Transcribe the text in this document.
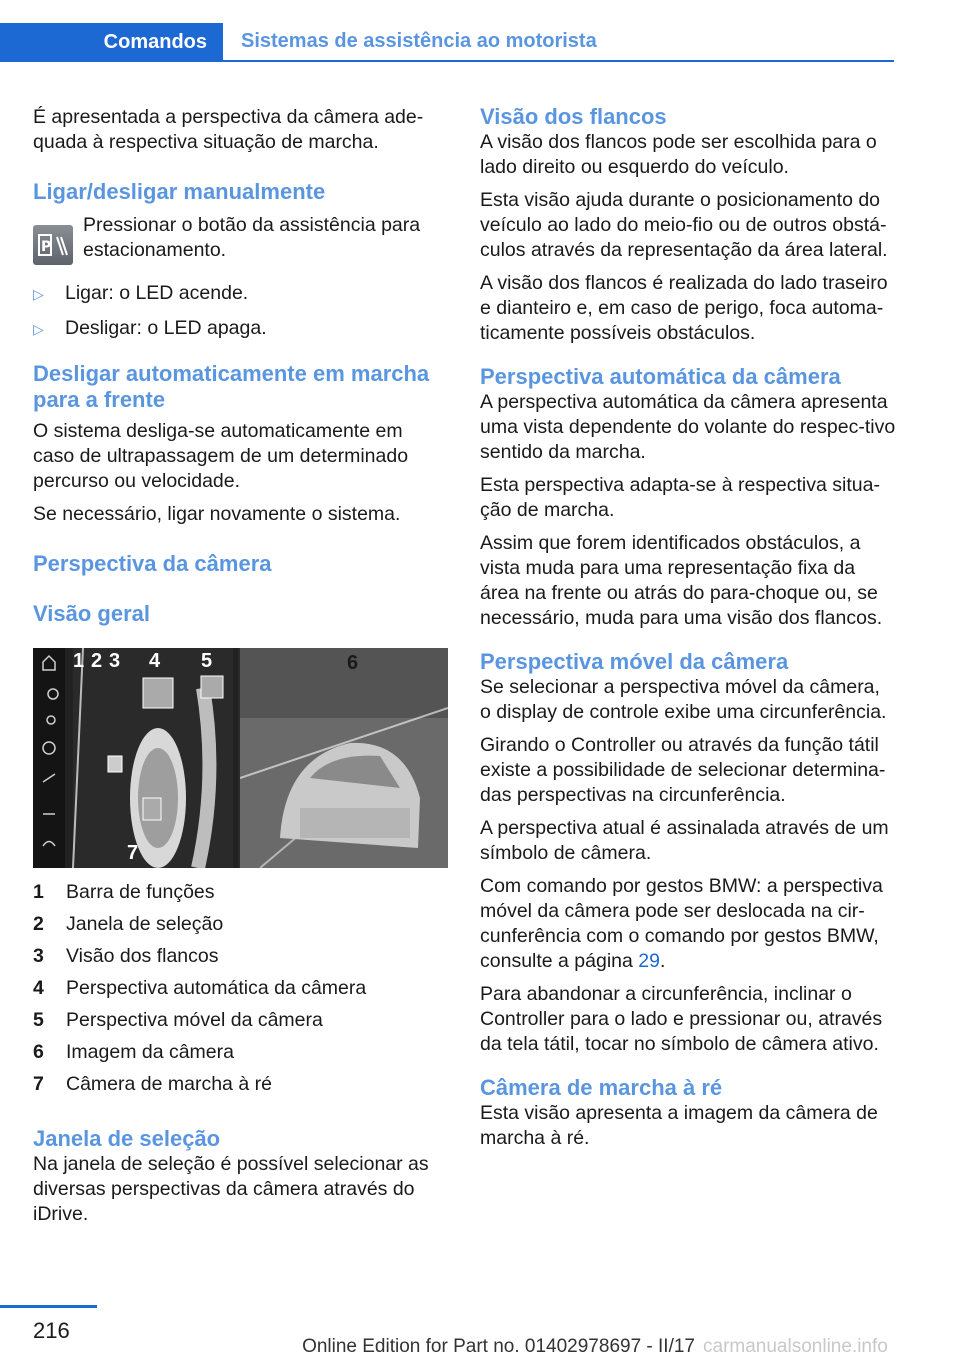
Comandos	Sistemas de assistência ao motorista

É apresentada a perspectiva da câmera ade-quada à respectiva situação de marcha.

Ligar/desligar manualmente

Pressionar o botão da assistência para estacionamento.

▷ Ligar: o LED acende.
▷ Desligar: o LED apaga.
Desligar automaticamente em marcha para a frente

O sistema desliga-se automaticamente em caso de ultrapassagem de um determinado percurso ou velocidade.

Se necessário, ligar novamente o sistema.

Perspectiva da câmera
Visão geral
P
1 2 3 4 5	6
7
1	Barra de funções
2	Janela de seleção
3	Visão dos flancos
4	Perspectiva automática da câmera
5	Perspectiva móvel da câmera
6	Imagem da câmera
7	Câmera de marcha à ré
Janela de seleção

Na janela de seleção é possível selecionar as diversas perspectivas da câmera através do iDrive.

Visão dos flancos

A visão dos flancos pode ser escolhida para o lado direito ou esquerdo do veículo.

Esta visão ajuda durante o posicionamento do veículo ao lado do meio-fio ou de outros obstá-culos através da representação da área lateral.

A visão dos flancos é realizada do lado traseiro e dianteiro e, em caso de perigo, foca automa-ticamente possíveis obstáculos.

Perspectiva automática da câmera

A perspectiva automática da câmera apresenta uma vista dependente do volante do respec-tivo sentido da marcha.

Esta perspectiva adapta-se à respectiva situa-ção de marcha.

Assim que forem identificados obstáculos, a vista muda para uma representação fixa da área na frente ou atrás do para-choque ou, se necessário, muda para uma visão dos flancos.

Perspectiva móvel da câmera

Se selecionar a perspectiva móvel da câmera, o display de controle exibe uma circunferência.

Girando o Controller ou através da função tátil existe a possibilidade de selecionar determina-das perspectivas na circunferência.

A perspectiva atual é assinalada através de um símbolo de câmera.

Com comando por gestos BMW: a perspectiva móvel da câmera pode ser deslocada na cir-cunferência com o comando por gestos BMW, consulte a página 29.

Para abandonar a circunferência, inclinar o Controller para o lado e pressionar ou, através da tela tátil, tocar no símbolo de câmera ativo.

Câmera de marcha à ré

Esta visão apresenta a imagem da câmera de marcha à ré.

216
Online Edition for Part no. 01402978697 - II/17 carmanualsonline.info
